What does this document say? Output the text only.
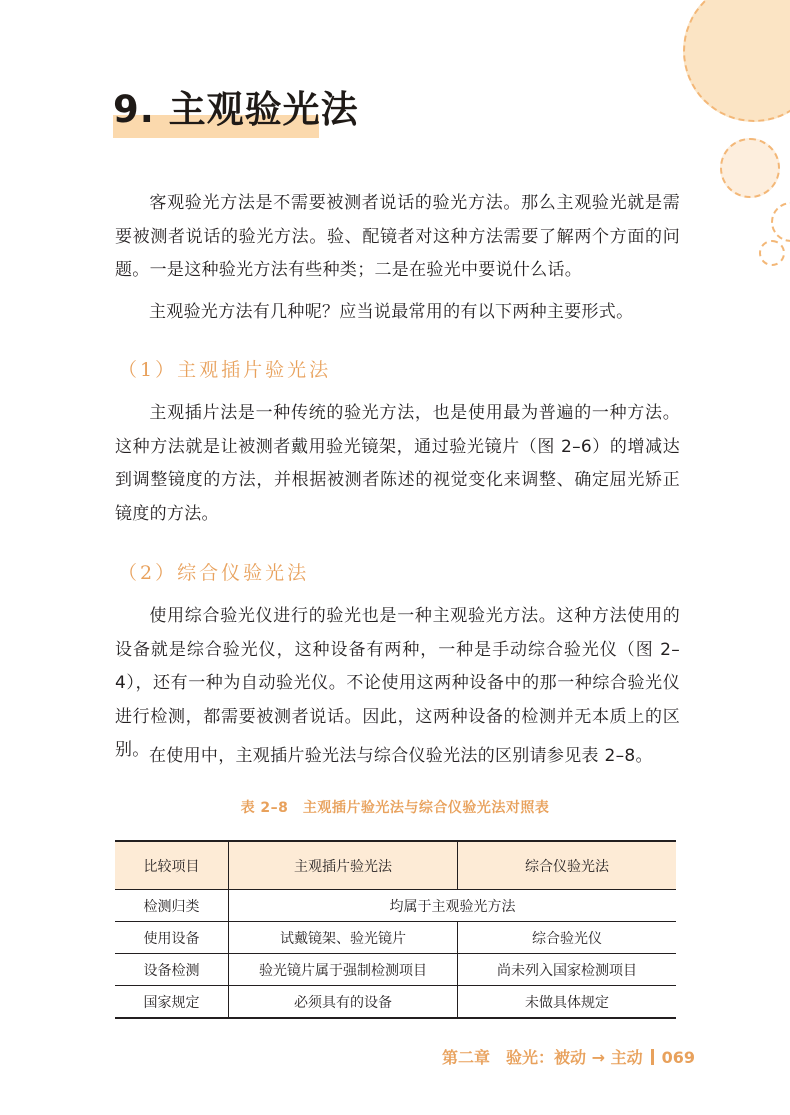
9. 主观验光法
客观验光方法是不需要被测者说话的验光方法。那么主观验光就是需要被测者说话的验光方法。验、配镜者对这种方法需要了解两个方面的问题。一是这种验光方法有些种类；二是在验光中要说什么话。
主观验光方法有几种呢？应当说最常用的有以下两种主要形式。
（1）主观插片验光法
主观插片法是一种传统的验光方法，也是使用最为普遍的一种方法。这种方法就是让被测者戴用验光镜架，通过验光镜片（图 2–6）的增减达到调整镜度的方法，并根据被测者陈述的视觉变化来调整、确定屈光矫正镜度的方法。
（2）综合仪验光法
使用综合验光仪进行的验光也是一种主观验光方法。这种方法使用的设备就是综合验光仪，这种设备有两种，一种是手动综合验光仪（图 2–4），还有一种为自动验光仪。不论使用这两种设备中的那一种综合验光仪进行检测，都需要被测者说话。因此，这两种设备的检测并无本质上的区别。 在使用中，主观插片验光法与综合仪验光法的区别请参见表 2–8。
表 2–8　主观插片验光法与综合仪验光法对照表
比较项目	主观插片验光法	综合仪验光法
检测归类	均属于主观验光方法	
使用设备	试戴镜架、验光镜片	综合验光仪
设备检测	验光镜片属于强制检测项目	尚未列入国家检测项目
国家规定	必须具有的设备	未做具体规定
第二章　验光：被动 → 主动 069
